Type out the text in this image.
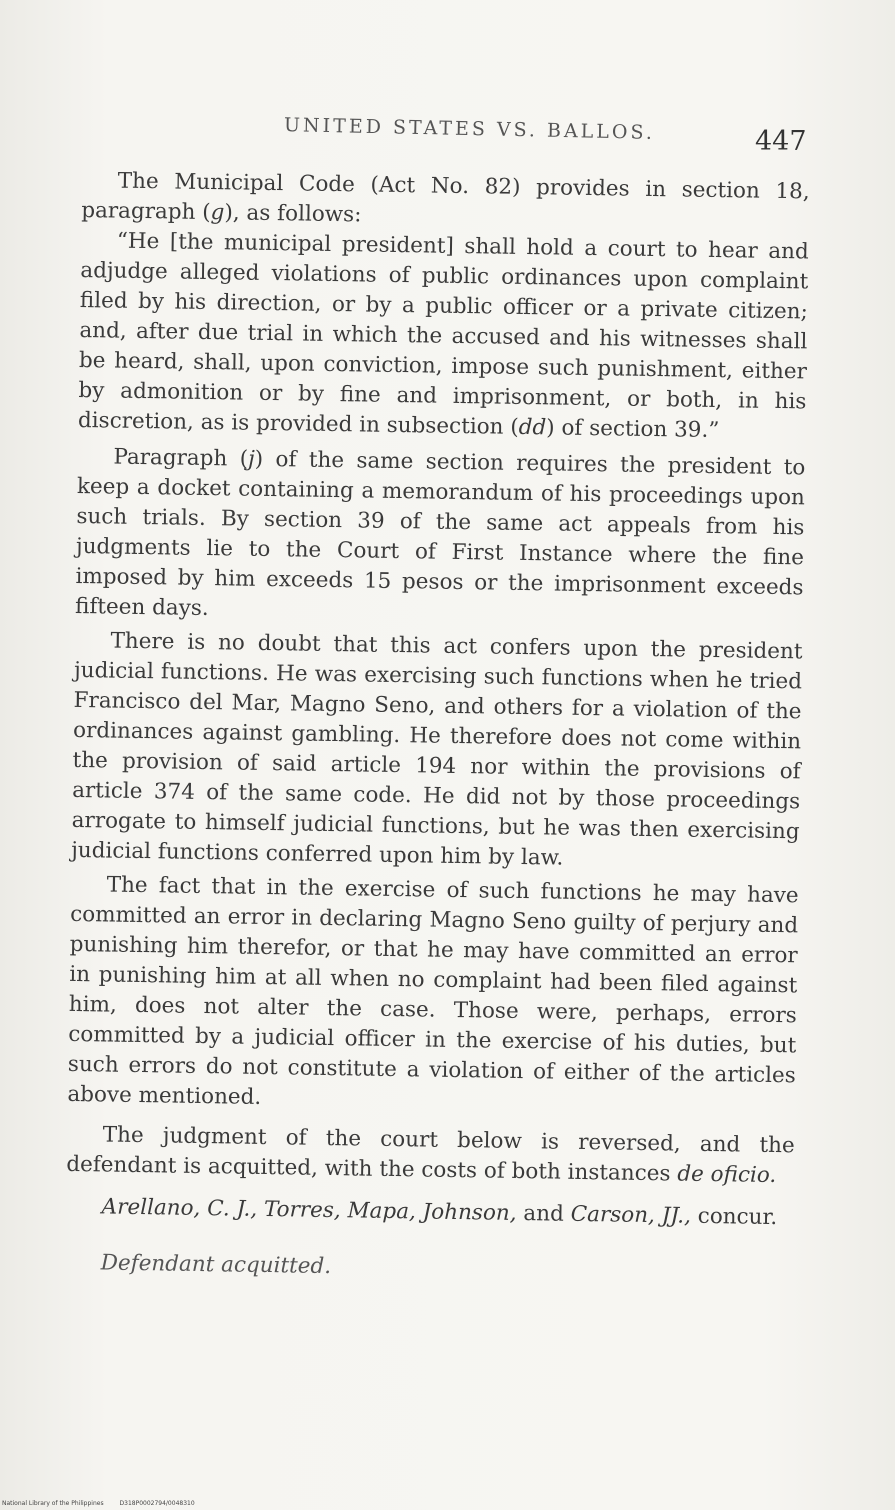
UNITED STATES VS. BALLOS.	447

The Municipal Code (Act No. 82) provides in section 18, paragraph (g), as follows:

“He [the municipal president] shall hold a court to hear and adjudge alleged violations of public ordinances upon complaint filed by his direction, or by a public officer or a private citizen; and, after due trial in which the accused and his witnesses shall be heard, shall, upon conviction, impose such punishment, either by admonition or by fine and imprisonment, or both, in his discretion, as is provided in subsection (dd) of section 39.”

Paragraph (j) of the same section requires the president to keep a docket containing a memorandum of his proceedings upon such trials. By section 39 of the same act appeals from his judgments lie to the Court of First Instance where the fine imposed by him exceeds 15 pesos or the imprisonment exceeds fifteen days.

There is no doubt that this act confers upon the president judicial functions. He was exercising such functions when he tried Francisco del Mar, Magno Seno, and others for a violation of the ordinances against gambling. He therefore does not come within the provision of said article 194 nor within the provisions of article 374 of the same code. He did not by those proceedings arrogate to himself judicial functions, but he was then exercising judicial functions conferred upon him by law.

The fact that in the exercise of such functions he may have committed an error in declaring Magno Seno guilty of perjury and punishing him therefor, or that he may have committed an error in punishing him at all when no complaint had been filed against him, does not alter the case. Those were, perhaps, errors committed by a judicial officer in the exercise of his duties, but such errors do not constitute a violation of either of the articles above mentioned.

The judgment of the court below is reversed, and the defendant is acquitted, with the costs of both instances de oficio.

Arellano, C. J., Torres, Mapa, Johnson, and Carson, JJ., concur.

Defendant acquitted.

National Library of the Philippines	D318P0002794/0048310
